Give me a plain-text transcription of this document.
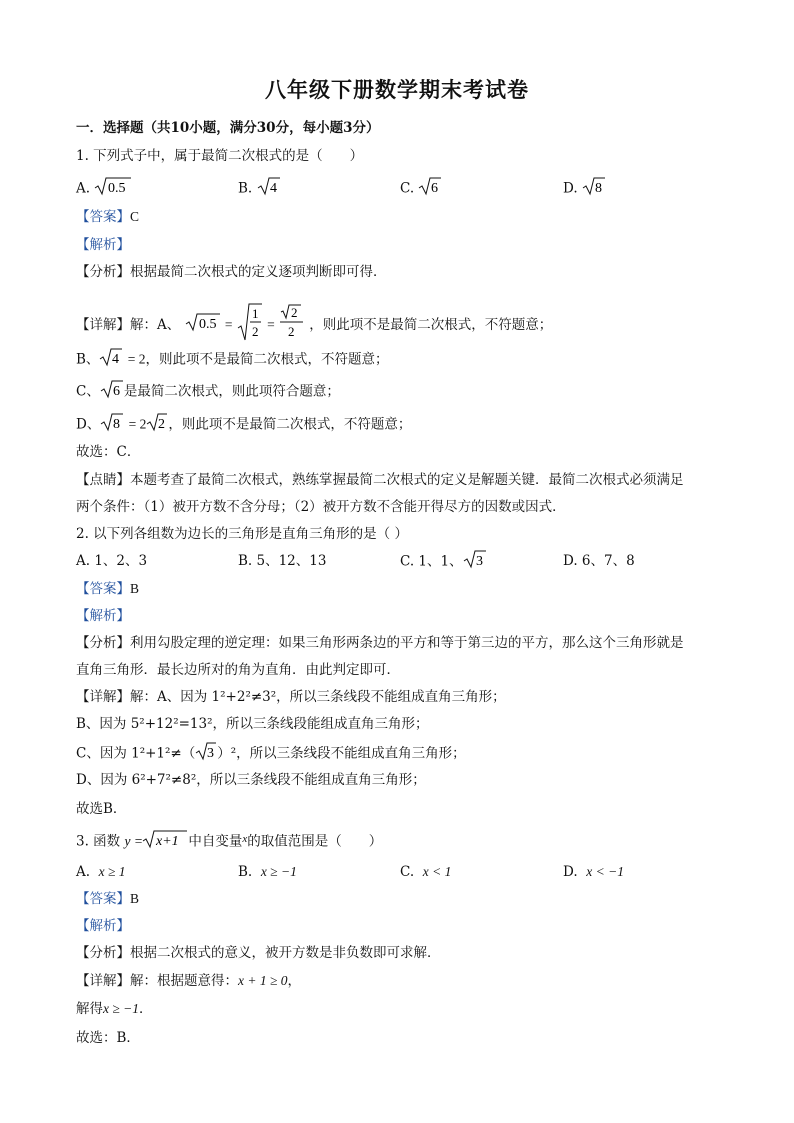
八年级下册数学期末考试卷
一．选择题（共10小题，满分30分，每小题3分）
1. 下列式子中，属于最简二次根式的是（　　）
A. 0.5	B. 4	C. 6	D. 8
【答案】C
【解析】
【分析】根据最简二次根式的定义逐项判断即可得．
【详解】解：A、 0.5 =
1
2 =
2
2 ，则此项不是最简二次根式，不符题意；
B、 4 = 2，则此项不是最简二次根式，不符题意；
C、 6 是最简二次根式，则此项符合题意；
D、 8 = 2 2 ，则此项不是最简二次根式，不符题意；
故选：C．
【点睛】本题考查了最简二次根式，熟练掌握最简二次根式的定义是解题关键．最简二次根式必须满足
两个条件：（1）被开方数不含分母；（2）被开方数不含能开得尽方的因数或因式．
2. 以下列各组数为边长的三角形是直角三角形的是（ ）
A. 1、2、3	B. 5、12、13	C. 1、1、 3	D. 6、7、8
【答案】B
【解析】
【分析】利用勾股定理的逆定理：如果三角形两条边的平方和等于第三边的平方，那么这个三角形就是
直角三角形．最长边所对的角为直角．由此判定即可．
【详解】解：A、因为 1²+2²≠3²，所以三条线段不能组成直角三角形；
B、因为 5²+12²=13²，所以三条线段能组成直角三角形；
C、因为 1²+1²≠（ 3 ）²，所以三条线段不能组成直角三角形；
D、因为 6²+7²≠8²，所以三条线段不能组成直角三角形；
故选B．
3. 函数 y = x+1 中自变量$^x$的取值范围是（　　）
A. x ≥ 1	B. x ≥ −1	C. x < 1	D. x < −1
【答案】B
【解析】
【分析】根据二次根式的意义，被开方数是非负数即可求解．
【详解】解：根据题意得：x + 1 ≥ 0，
解得x ≥ −1．
故选：B．
